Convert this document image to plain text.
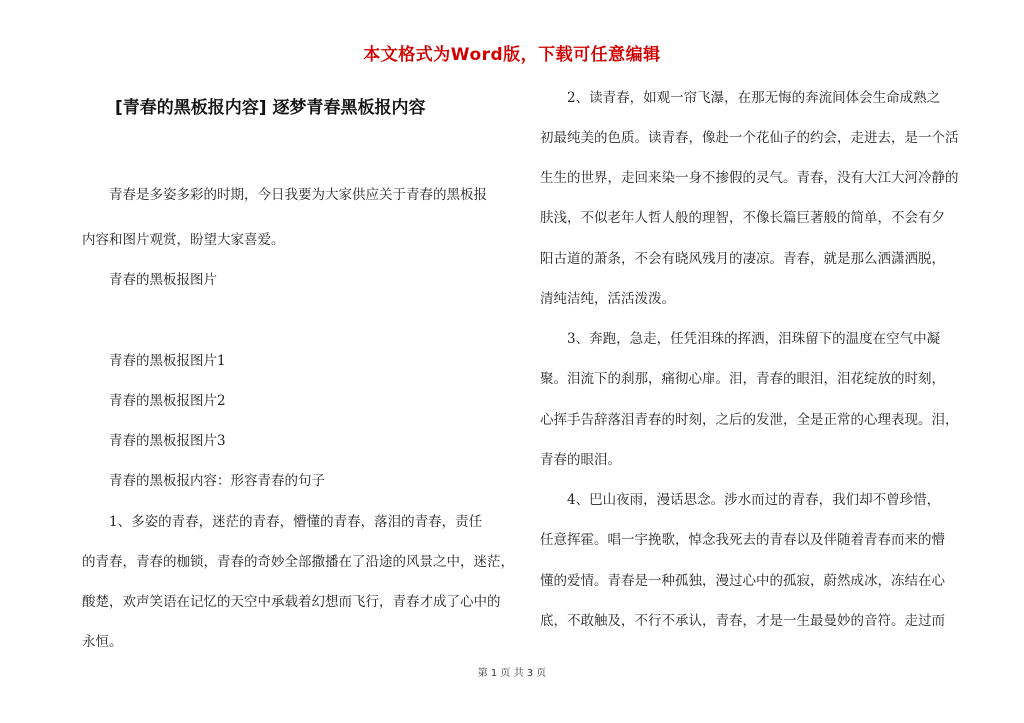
本文格式为Word版，下载可任意编辑
[青春的黑板报内容] 逐梦青春黑板报内容
　　青春是多姿多彩的时期，今日我要为大家供应关于青春的黑板报
内容和图片观赏，盼望大家喜爱。
　　青春的黑板报图片
　　青春的黑板报图片1
　　青春的黑板报图片2
　　青春的黑板报图片3
　　青春的黑板报内容：形容青春的句子
　　1、多姿的青春，迷茫的青春，懵懂的青春，落泪的青春，责任
的青春，青春的枷锁，青春的奇妙全部撒播在了沿途的风景之中，迷茫，
酸楚，欢声笑语在记忆的天空中承载着幻想而飞行，青春才成了心中的
永恒。
　　2、读青春，如观一帘飞瀑，在那无悔的奔流间体会生命成熟之
初最纯美的色质。读青春，像赴一个花仙子的约会，走进去，是一个活
生生的世界，走回来染一身不掺假的灵气。青春，没有大江大河冷静的
肤浅，不似老年人哲人般的理智，不像长篇巨著般的简单，不会有夕
阳古道的萧条，不会有晓风残月的凄凉。青春，就是那么洒潇洒脱，
清纯洁纯，活活泼泼。
　　3、奔跑，急走，任凭泪珠的挥洒，泪珠留下的温度在空气中凝
聚。泪流下的刹那，痛彻心扉。泪，青春的眼泪，泪花绽放的时刻，
心挥手告辞落泪青春的时刻，之后的发泄，全是正常的心理表现。泪，
青春的眼泪。
　　4、巴山夜雨，漫话思念。涉水而过的青春，我们却不曾珍惜，
任意挥霍。唱一宇挽歌，悼念我死去的青春以及伴随着青春而来的懵
懂的爱情。青春是一种孤独，漫过心中的孤寂，蔚然成冰，冻结在心
底，不敢触及，不行不承认，青春，才是一生最曼妙的音符。走过而
第 1 页 共 3 页
